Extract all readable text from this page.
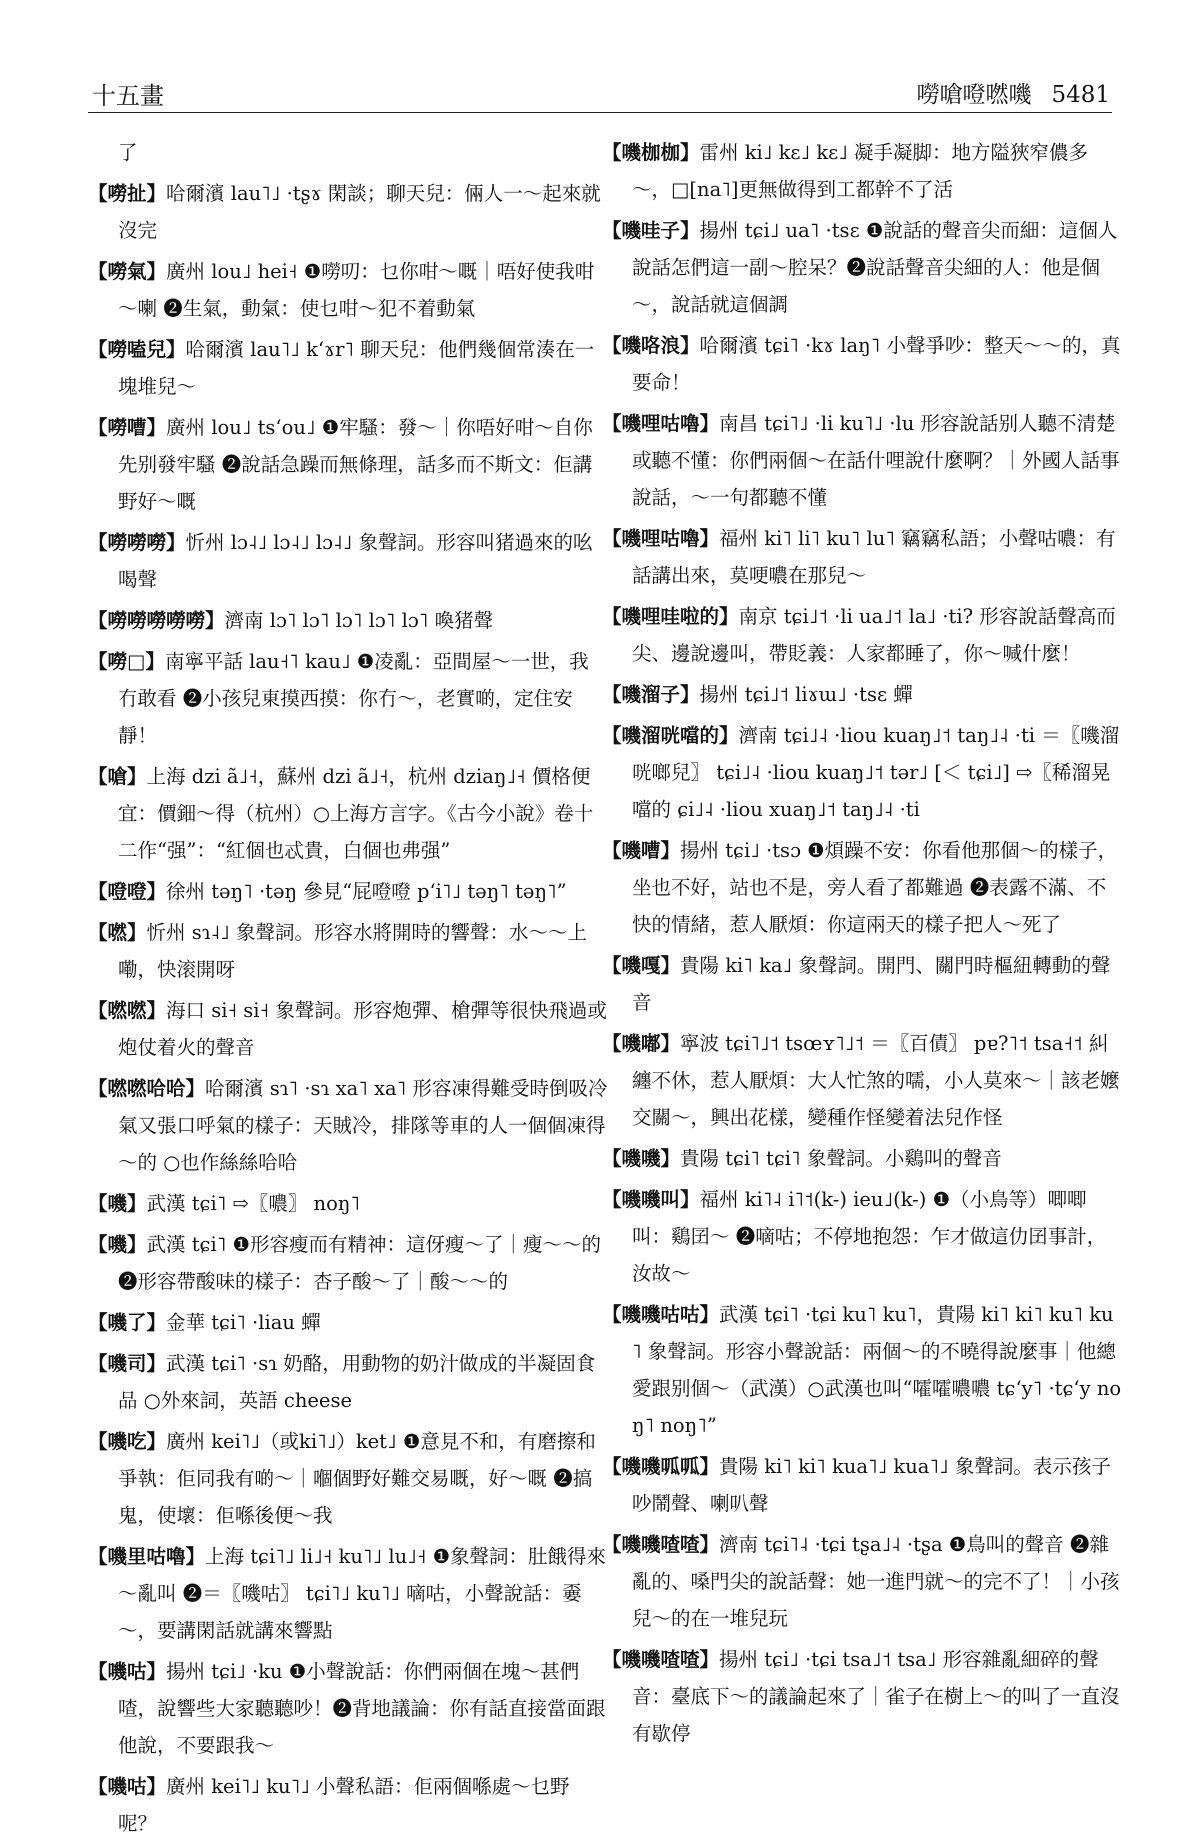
十五畫	嘮嗆噔嘫嘰 5481
了
【嘮扯】哈爾濱 lau˥˩ ·tʂɤ 閑談；聊天兒：倆人一～起來就沒完
【嘮氣】廣州 lou˩ hei˧ ❶嘮叨：乜你咁～嘅｜唔好使我咁～喇 ❷生氣，動氣：使乜咁～犯不着動氣
【嘮嗑兒】哈爾濱 lau˥˩ kʻɤr˥ 聊天兒：他們幾個常湊在一塊堆兒～
【嘮嘈】廣州 lou˩ tsʻou˩ ❶牢騷：發～｜你唔好咁～自你先别發牢騷 ❷說話急躁而無條理，話多而不斯文：佢講野好～嘅
【嘮嘮嘮】忻州 lɔ˨˩ lɔ˨˩ lɔ˨˩ 象聲詞。形容叫猪過來的吆喝聲
【嘮嘮嘮嘮嘮】濟南 lɔ˥ lɔ˥ lɔ˥ lɔ˥ lɔ˥ 喚猪聲
【嘮□】南寧平話 lau˧˥ kau˩ ❶凌亂：亞間屋～一世，我冇敢看 ❷小孩兒東摸西摸：你冇～，老實啲，定住安靜！
【嗆】上海 dzi ã˩˧，蘇州 dzi ã˩˧，杭州 dziaŋ˩˧ 價格便宜：價鈿～得（杭州）○上海方言字。《古今小說》卷十二作“强”：“紅個也忒貴，白個也弗强”
【噔噔】徐州 təŋ˥ ·təŋ 參見“屁噔噔 pʻi˥˩ təŋ˥ təŋ˥”
【嘫】忻州 sɿ˨˩ 象聲詞。形容水將開時的響聲：水～～上嘞，快滚開呀
【嘫嘫】海口 si˧ si˧ 象聲詞。形容炮彈、槍彈等很快飛過或炮仗着火的聲音
【嘫嘫哈哈】哈爾濱 sɿ˥ ·sɿ xa˥ xa˥ 形容凍得難受時倒吸冷氣又張口呼氣的樣子：天賊冷，排隊等車的人一個個凍得～的 ○也作絲絲哈哈
【嘰】武漢 tɕi˥ ⇨〖噥〗 noŋ˥
【嘰】武漢 tɕi˥ ❶形容瘦而有精神：這伢瘦～了｜瘦～～的 ❷形容帶酸味的樣子：杏子酸～了｜酸～～的
【嘰了】金華 tɕi˥ ·liau 蟬
【嘰司】武漢 tɕi˥ ·sɿ 奶酪，用動物的奶汁做成的半凝固食品 ○外來詞，英語 cheese
【嘰吃】廣州 kei˥˩（或ki˥˩）ket˩ ❶意見不和，有磨擦和爭執：佢同我有啲～｜嗰個野好難交易嘅，好～嘅 ❷搞鬼，使壞：佢喺後便～我
【嘰里咕嚕】上海 tɕi˥˩ li˩˧ ku˥˩ lu˩˧ ❶象聲詞：肚餓得來～亂叫 ❷＝〖嘰咕〗 tɕi˥˩ ku˥˩ 嘀咕，小聲說話：嫑～，要講閑話就講來響點
【嘰咕】揚州 tɕi˩ ·ku ❶小聲說話：你們兩個在塊～甚們喳，說響些大家聽聽吵！❷背地議論：你有話直接當面跟他說，不要跟我～
【嘰咕】廣州 kei˥˩ ku˥˩ 小聲私語：佢兩個喺處～乜野呢？
【嘰枷枷】雷州 ki˩ kɛ˩ kɛ˩ 凝手凝脚：地方隘狹窄儂多～，□[na˥]更無做得到工都幹不了活
【嘰哇子】揚州 tɕi˩ ua˥ ·tsɛ ❶說話的聲音尖而細：這個人說話怎們這一副～腔呆？❷說話聲音尖細的人：他是個～，說話就這個調
【嘰咯浪】哈爾濱 tɕi˥ ·kɤ laŋ˥ 小聲爭吵：整天～～的，真要命！
【嘰哩咕嚕】南昌 tɕi˥˩ ·li ku˥˩ ·lu 形容說話别人聽不清楚或聽不懂：你們兩個～在話什哩說什麼啊？｜外國人話事說話，～一句都聽不懂
【嘰哩咕嚕】福州 ki˥ li˥ ku˥ lu˥ 竊竊私語；小聲咕噥：有話講出來，莫哽噥在那兒～
【嘰哩哇啦的】南京 tɕi˩˦ ·li ua˩˦ la˩ ·ti? 形容說話聲高而尖、邊說邊叫，帶貶義：人家都睡了，你～喊什麼！
【嘰溜子】揚州 tɕi˩˦ liɤɯ˩ ·tsɛ 蟬
【嘰溜咣噹的】濟南 tɕi˩˨ ·liou kuaŋ˩˦ taŋ˩˨ ·ti ＝〖嘰溜咣啷兒〗 tɕi˩˨ ·liou kuaŋ˩˦ tər˩ [＜ tɕi˩] ⇨〖稀溜晃噹的 ɕi˩˨ ·liou xuaŋ˩˦ taŋ˩˨ ·ti
【嘰嘈】揚州 tɕi˩ ·tsɔ ❶煩躁不安：你看他那個～的樣子，坐也不好，站也不是，旁人看了都難過 ❷表露不滿、不快的情緒，惹人厭煩：你這兩天的樣子把人～死了
【嘰嘎】貴陽 ki˥ ka˩ 象聲詞。開門、關門時樞紐轉動的聲音
【嘰嘟】寧波 tɕi˥˩˦ tsœʏ˥˩˦ ＝〖百債〗 pɐ?˥˦ tsa˧˦ 糾纏不休，惹人厭煩：大人忙煞的嚅，小人莫來～｜該老嬤交關～，興出花樣，變種作怪變着法兒作怪
【嘰嘰】貴陽 tɕi˥ tɕi˥ 象聲詞。小鷄叫的聲音
【嘰嘰叫】福州 ki˥˨ i˥˦(k-) ieu˩(k-) ❶（小鳥等）唧唧叫：鷄囝～ ❷嘀咕；不停地抱怨：乍才做這仂囝事計，汝故～
【嘰嘰咕咕】武漢 tɕi˥ ·tɕi ku˥ ku˥，貴陽 ki˥ ki˥ ku˥ ku˥ 象聲詞。形容小聲說話：兩個～的不曉得說麼事｜他總愛跟别個～（武漢）○武漢也叫“嚯嚯噥噥 tɕʻy˥ ·tɕʻy noŋ˥ noŋ˥”
【嘰嘰呱呱】貴陽 ki˥ ki˥ kua˥˩ kua˥˩ 象聲詞。表示孩子吵鬧聲、喇叭聲
【嘰嘰喳喳】濟南 tɕi˥˨ ·tɕi tʂa˩˨ ·tʂa ❶鳥叫的聲音 ❷雜亂的、嗓門尖的說話聲：她一進門就～的完不了！｜小孩兒～的在一堆兒玩
【嘰嘰喳喳】揚州 tɕi˩ ·tɕi tsa˩˦ tsa˩ 形容雜亂細碎的聲音：臺底下～的議論起來了｜雀子在樹上～的叫了一直沒有歇停
